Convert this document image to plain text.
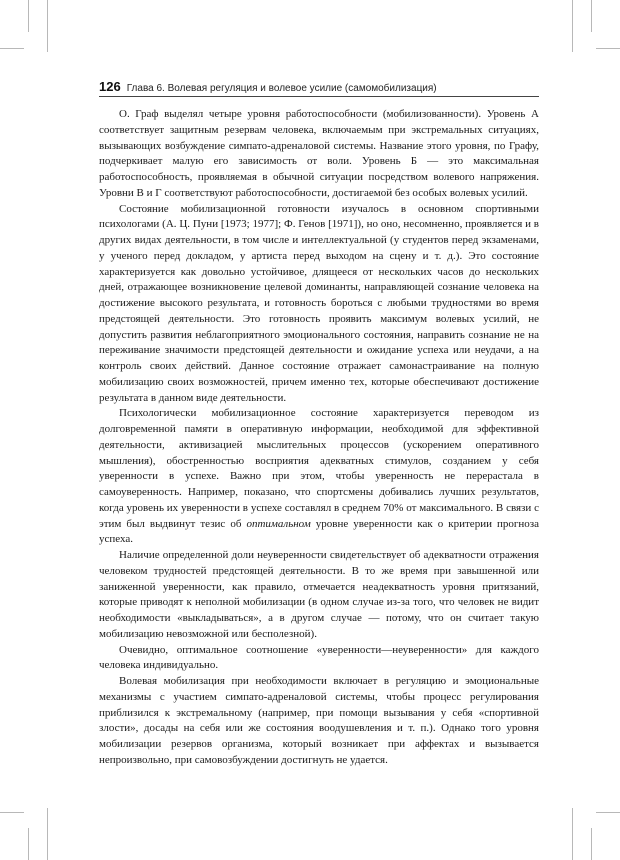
126 Глава 6. Волевая регуляция и волевое усилие (самомобилизация)

О. Граф выделял четыре уровня работоспособности (мобилизованности). Уровень А соответствует защитным резервам человека, включаемым при экстремальных ситуациях, вызывающих возбуждение симпато-адреналовой системы. Название этого уровня, по Графу, подчеркивает малую его зависимость от воли. Уровень Б — это максимальная работоспособность, проявляемая в обычной ситуации посредством волевого напряжения. Уровни В и Г соответствуют работоспособности, достигаемой без особых волевых усилий.

Состояние мобилизационной готовности изучалось в основном спортивными психологами (А. Ц. Пуни [1973; 1977]; Ф. Генов [1971]), но оно, несомненно, проявляется и в других видах деятельности, в том числе и интеллектуальной (у студентов перед экзаменами, у ученого перед докладом, у артиста перед выходом на сцену и т. д.). Это состояние характеризуется как довольно устойчивое, длящееся от нескольких часов до нескольких дней, отражающее возникновение целевой доминанты, направляющей сознание человека на достижение высокого результата, и готовность бороться с любыми трудностями во время предстоящей деятельности. Это готовность проявить максимум волевых усилий, не допустить развития неблагоприятного эмоционального состояния, направить сознание не на переживание значимости предстоящей деятельности и ожидание успеха или неудачи, а на контроль своих действий. Данное состояние отражает самонастраивание на полную мобилизацию своих возможностей, причем именно тех, которые обеспечивают достижение результата в данном виде деятельности.

Психологически мобилизационное состояние характеризуется переводом из долговременной памяти в оперативную информации, необходимой для эффективной деятельности, активизацией мыслительных процессов (ускорением оперативного мышления), обостренностью восприятия адекватных стимулов, созданием у себя уверенности в успехе. Важно при этом, чтобы уверенность не перерастала в самоуверенность. Например, показано, что спортсмены добивались лучших результатов, когда уровень их уверенности в успехе составлял в среднем 70% от максимального. В связи с этим был выдвинут тезис об оптимальном уровне уверенности как о критерии прогноза успеха.

Наличие определенной доли неуверенности свидетельствует об адекватности отражения человеком трудностей предстоящей деятельности. В то же время при завышенной или заниженной уверенности, как правило, отмечается неадекватность уровня притязаний, которые приводят к неполной мобилизации (в одном случае из-за того, что человек не видит необходимости «выкладываться», а в другом случае — потому, что он считает такую мобилизацию невозможной или бесполезной).

Очевидно, оптимальное соотношение «уверенности—неуверенности» для каждого человека индивидуально.

Волевая мобилизация при необходимости включает в регуляцию и эмоциональные механизмы с участием симпато-адреналовой системы, чтобы процесс регулирования приблизился к экстремальному (например, при помощи вызывания у себя «спортивной злости», досады на себя или же состояния воодушевления и т. п.). Однако того уровня мобилизации резервов организма, который возникает при аффектах и вызывается непроизвольно, при самовозбуждении достигнуть не удается.
